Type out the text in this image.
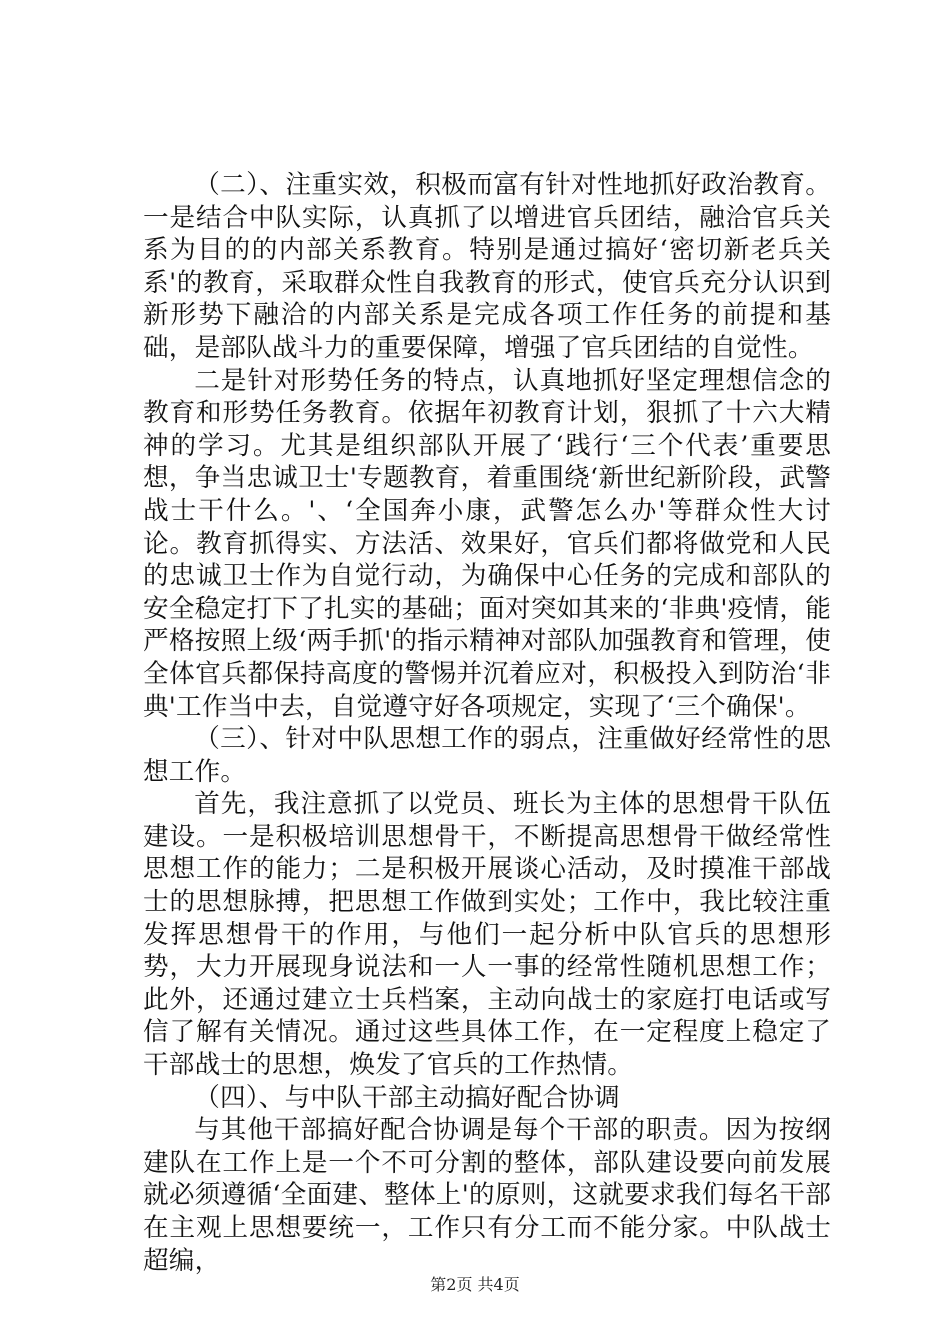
（二）、注重实效，积极而富有针对性地抓好政治教育。一是结合中队实际，认真抓了以增进官兵团结，融洽官兵关系为目的的内部关系教育。特别是通过搞好‘密切新老兵关系'的教育，采取群众性自我教育的形式，使官兵充分认识到新形势下融洽的内部关系是完成各项工作任务的前提和基础，是部队战斗力的重要保障，增强了官兵团结的自觉性。

二是针对形势任务的特点，认真地抓好坚定理想信念的教育和形势任务教育。依据年初教育计划，狠抓了十六大精神的学习。尤其是组织部队开展了‘践行‘三个代表’重要思想，争当忠诚卫士'专题教育，着重围绕‘新世纪新阶段，武警战士干什么。'、‘全国奔小康，武警怎么办'等群众性大讨论。教育抓得实、方法活、效果好，官兵们都将做党和人民的忠诚卫士作为自觉行动，为确保中心任务的完成和部队的安全稳定打下了扎实的基础；面对突如其来的‘非典'疫情，能严格按照上级‘两手抓'的指示精神对部队加强教育和管理，使全体官兵都保持高度的警惕并沉着应对，积极投入到防治‘非典'工作当中去，自觉遵守好各项规定，实现了‘三个确保'。

（三）、针对中队思想工作的弱点，注重做好经常性的思想工作。

首先，我注意抓了以党员、班长为主体的思想骨干队伍建设。一是积极培训思想骨干，不断提高思想骨干做经常性思想工作的能力；二是积极开展谈心活动，及时摸准干部战士的思想脉搏，把思想工作做到实处；工作中，我比较注重发挥思想骨干的作用，与他们一起分析中队官兵的思想形势，大力开展现身说法和一人一事的经常性随机思想工作；此外，还通过建立士兵档案，主动向战士的家庭打电话或写信了解有关情况。通过这些具体工作，在一定程度上稳定了干部战士的思想，焕发了官兵的工作热情。

（四）、与中队干部主动搞好配合协调

与其他干部搞好配合协调是每个干部的职责。因为按纲建队在工作上是一个不可分割的整体，部队建设要向前发展就必须遵循‘全面建、整体上'的原则，这就要求我们每名干部在主观上思想要统一，工作只有分工而不能分家。中队战士超编，

第2页 共4页
